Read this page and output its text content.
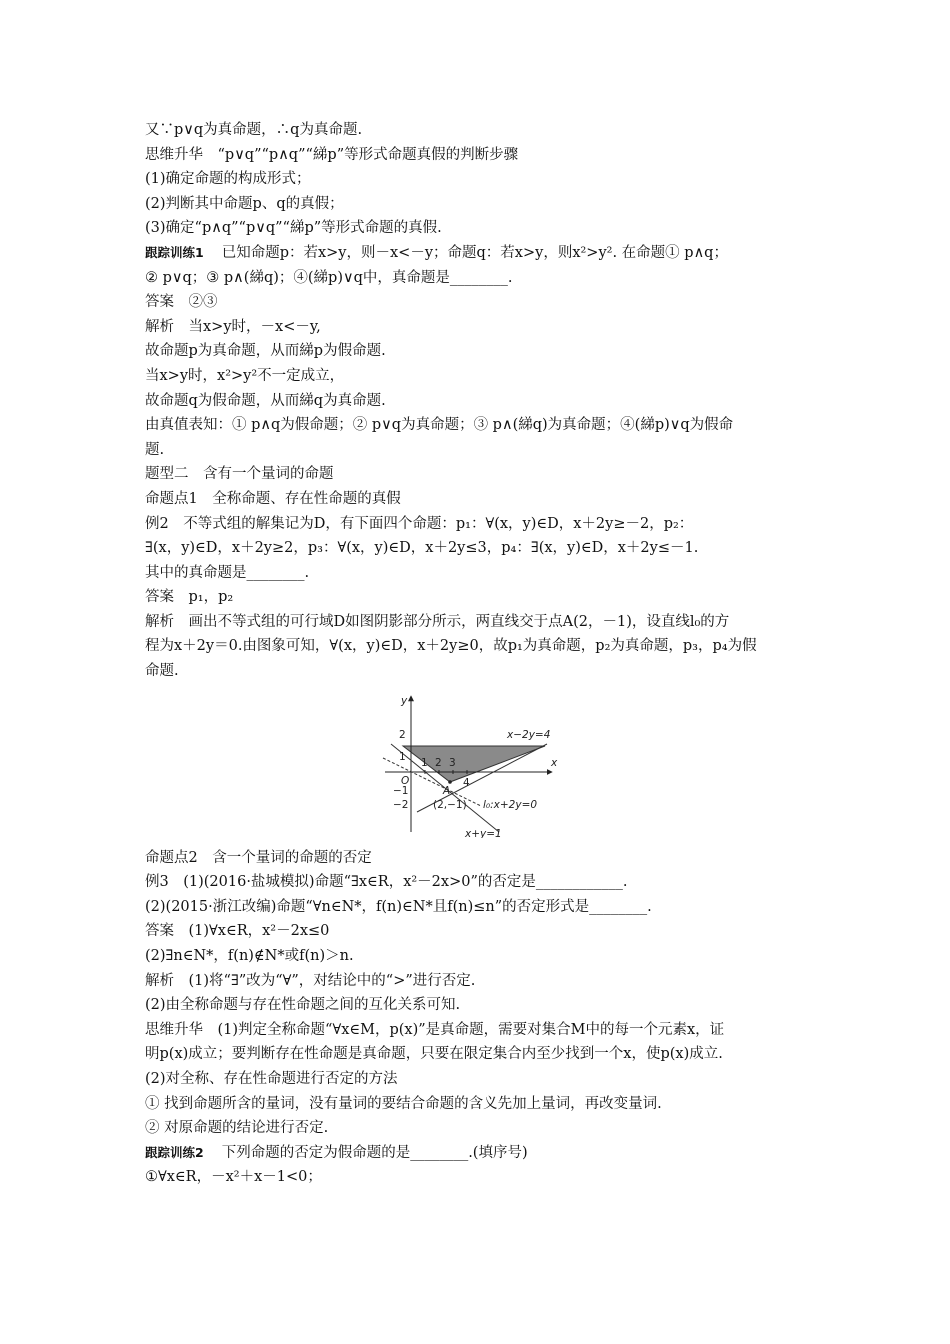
又∵p∨q为真命题，∴q为真命题.
思维升华　“p∨q”“p∧q”“綈p”等形式命题真假的判断步骤
(1)确定命题的构成形式；
(2)判断其中命题p、q的真假；
(3)确定“p∧q”“p∨q”“綈p”等形式命题的真假.
跟踪训练1 已知命题p：若x>y，则－x<－y；命题q：若x>y，则x²>y². 在命题① p∧q；
② p∨q；③ p∧(綈q)；④(綈p)∨q中，真命题是________.
答案　②③
解析　当x>y时，－x<－y,
故命题p为真命题，从而綈p为假命题.
当x>y时，x²>y²不一定成立，
故命题q为假命题，从而綈q为真命题.
由真值表知：① p∧q为假命题；② p∨q为真命题；③ p∧(綈q)为真命题；④(綈p)∨q为假命
题.
题型二　含有一个量词的命题
命题点1　全称命题、存在性命题的真假
例2　不等式组的解集记为D，有下面四个命题：p₁：∀(x，y)∈D，x＋2y≥－2，p₂：
∃(x，y)∈D，x＋2y≥2，p₃：∀(x，y)∈D，x＋2y≤3，p₄：∃(x，y)∈D，x＋2y≤－1.
其中的真命题是________.
答案　p₁，p₂
解析　画出不等式组的可行域D如图阴影部分所示，两直线交于点A(2，－1)，设直线l₀的方
程为x＋2y＝0.由图象可知，∀(x，y)∈D，x＋2y≥0，故p₁为真命题，p₂为真命题，p₃，p₄为假
命题.
y
x
O
2
1
−1
−2
1 2 3
4
x−2y=4
A
(2,−1) l₀:x+2y=0
x+y=1
命题点2　含一个量词的命题的否定
例3　(1)(2016·盐城模拟)命题“∃x∈R，x²－2x>0”的否定是____________.
(2)(2015·浙江改编)命题“∀n∈N*，f(n)∈N*且f(n)≤n”的否定形式是________.
答案　(1)∀x∈R，x²－2x≤0
(2)∃n∈N*，f(n)∉N*或f(n)＞n.
解析　(1)将“∃”改为“∀”，对结论中的“>”进行否定.
(2)由全称命题与存在性命题之间的互化关系可知.
思维升华　(1)判定全称命题“∀x∈M，p(x)”是真命题，需要对集合M中的每一个元素x，证
明p(x)成立；要判断存在性命题是真命题，只要在限定集合内至少找到一个x，使p(x)成立.
(2)对全称、存在性命题进行否定的方法
① 找到命题所含的量词，没有量词的要结合命题的含义先加上量词，再改变量词.
② 对原命题的结论进行否定.
跟踪训练2 下列命题的否定为假命题的是________.(填序号)
①∀x∈R，－x²＋x－1<0；
